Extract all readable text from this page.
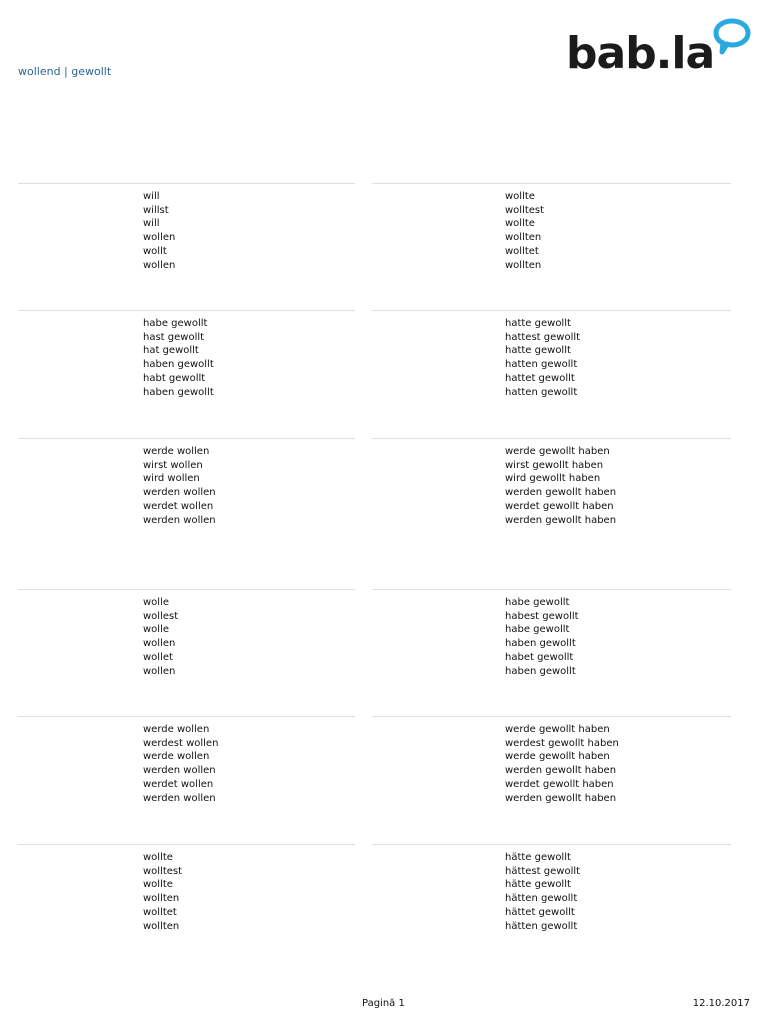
wollend | gewollt	bab.la
will
willst
will
wollen
wollt
wollen
wollte
wolltest
wollte
wollten
wolltet
wollten
habe gewollt
hast gewollt
hat gewollt
haben gewollt
habt gewollt
haben gewollt
hatte gewollt
hattest gewollt
hatte gewollt
hatten gewollt
hattet gewollt
hatten gewollt
werde wollen
wirst wollen
wird wollen
werden wollen
werdet wollen
werden wollen
werde gewollt haben
wirst gewollt haben
wird gewollt haben
werden gewollt haben
werdet gewollt haben
werden gewollt haben
wolle
wollest
wolle
wollen
wollet
wollen
habe gewollt
habest gewollt
habe gewollt
haben gewollt
habet gewollt
haben gewollt
werde wollen
werdest wollen
werde wollen
werden wollen
werdet wollen
werden wollen
werde gewollt haben
werdest gewollt haben
werde gewollt haben
werden gewollt haben
werdet gewollt haben
werden gewollt haben
wollte
wolltest
wollte
wollten
wolltet
wollten
hätte gewollt
hättest gewollt
hätte gewollt
hätten gewollt
hättet gewollt
hätten gewollt
Pagină 1	12.10.2017
